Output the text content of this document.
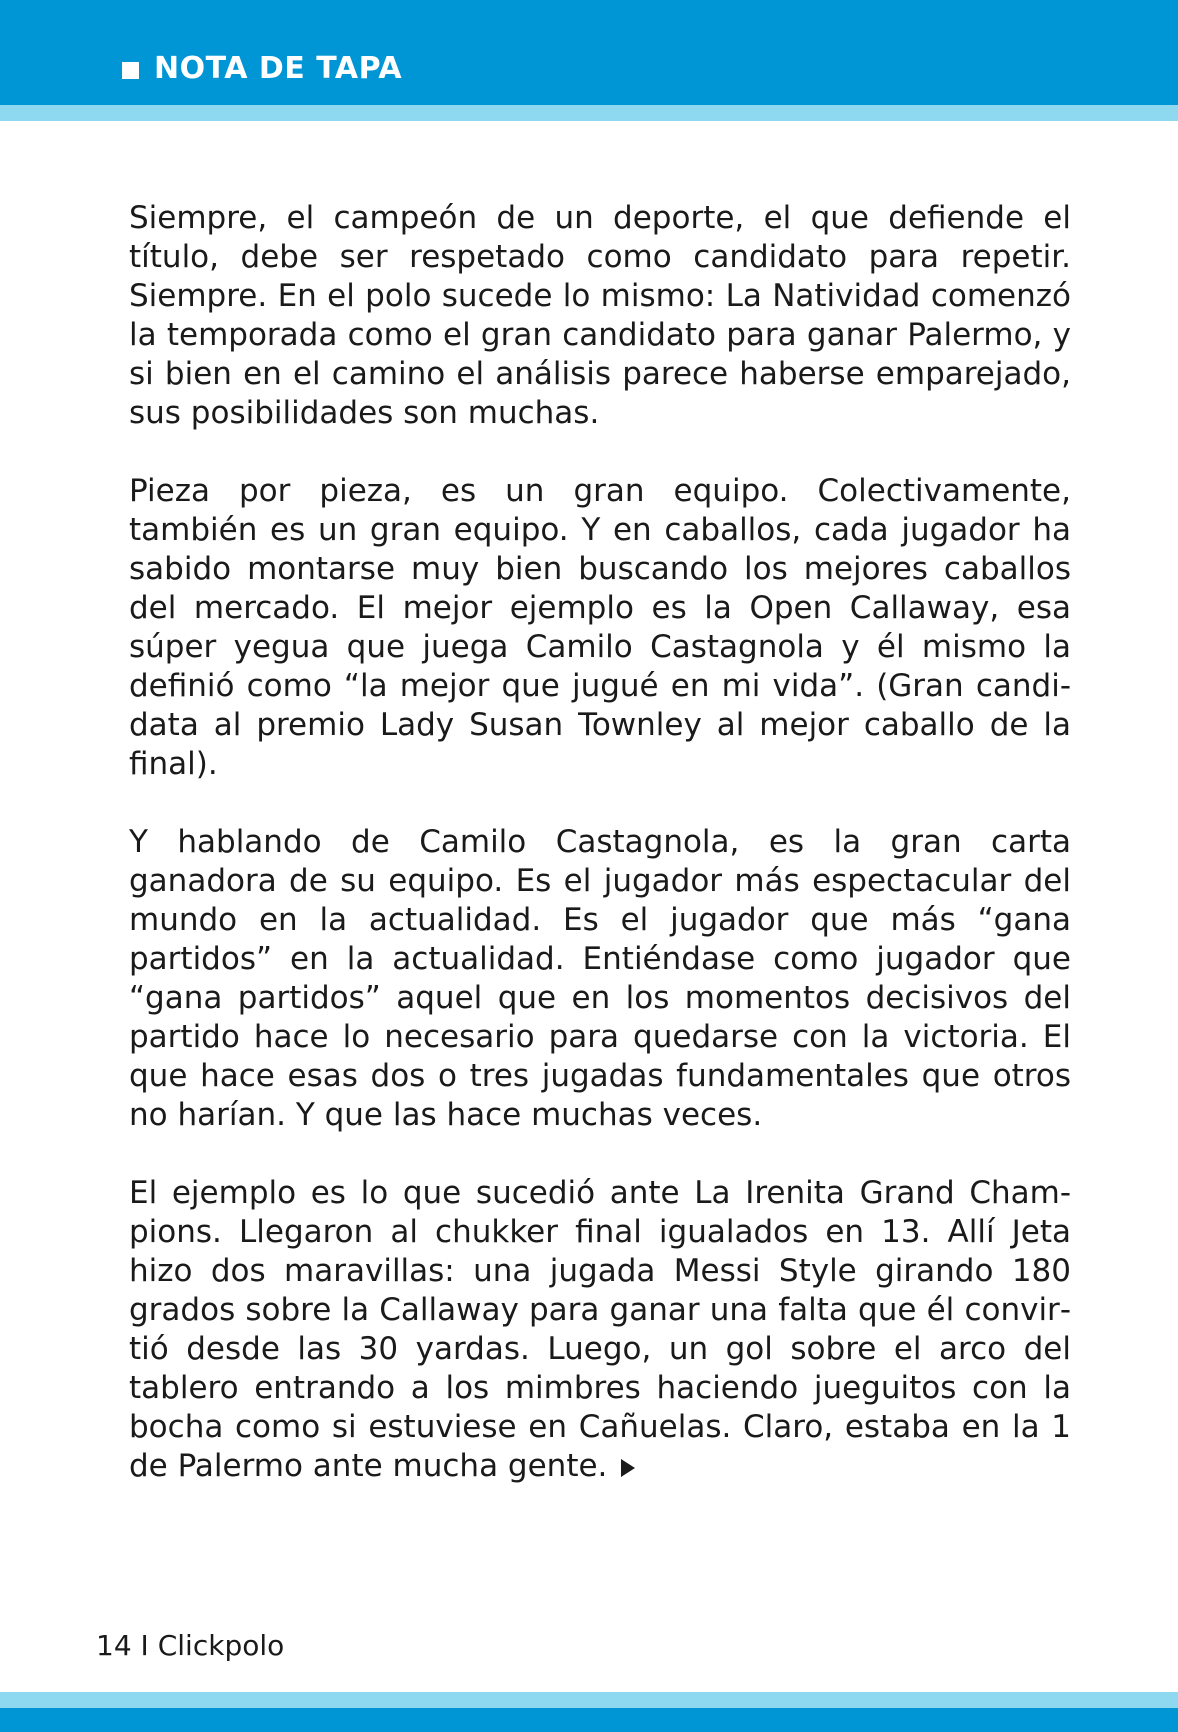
NOTA DE TAPA

Siempre, el campeón de un deporte, el que defiende el título, debe ser respetado como candidato para repetir. Siempre. En el polo sucede lo mismo: La Natividad comenzó la temporada como el gran candidato para ganar Palermo, y si bien en el camino el análisis parece haberse emparejado, sus posibilidades son muchas.

Pieza por pieza, es un gran equipo. Colectivamente, también es un gran equipo. Y en caballos, cada jugador ha sabido montarse muy bien buscando los mejores caballos del mercado. El mejor ejemplo es la Open Callaway, esa súper yegua que juega Camilo Castagnola y él mismo la definió como “la mejor que jugué en mi vida”. (Gran candidata al premio Lady Susan Townley al mejor caballo de la final).

Y hablando de Camilo Castagnola, es la gran carta ganadora de su equipo. Es el jugador más espectacular del mundo en la actualidad. Es el jugador que más “gana partidos” en la actualidad. Entiéndase como jugador que “gana partidos” aquel que en los momentos decisivos del partido hace lo necesario para quedarse con la victoria. El que hace esas dos o tres jugadas fundamentales que otros no harían. Y que las hace muchas veces.

El ejemplo es lo que sucedió ante La Irenita Grand Champions. Llegaron al chukker final igualados en 13. Allí Jeta hizo dos maravillas: una jugada Messi Style girando 180 grados sobre la Callaway para ganar una falta que él convirtió desde las 30 yardas. Luego, un gol sobre el arco del tablero entrando a los mimbres haciendo jueguitos con la bocha como si estuviese en Cañuelas. Claro, estaba en la 1 de Palermo ante mucha gente.

14 I Clickpolo
